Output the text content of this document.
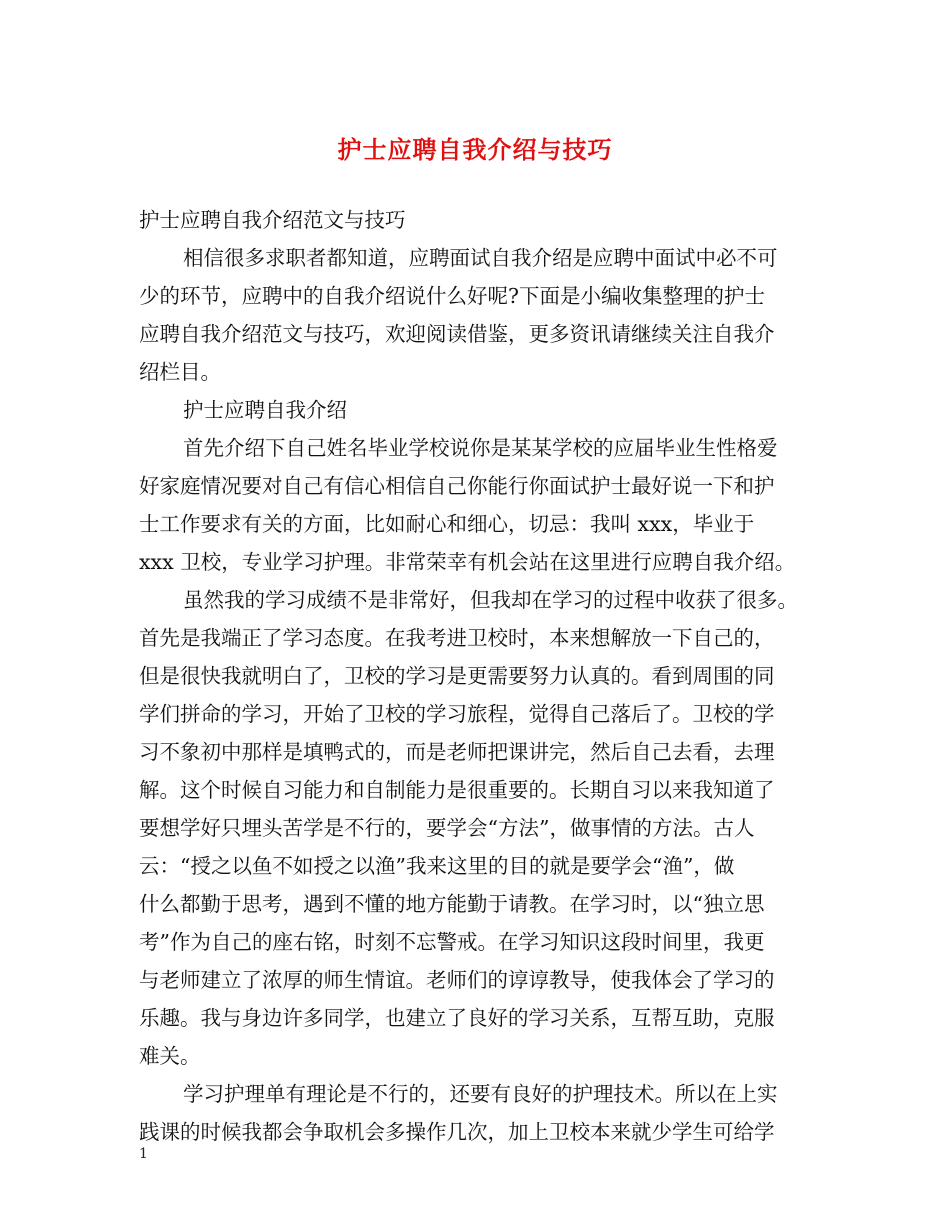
护士应聘自我介绍与技巧
护士应聘自我介绍范文与技巧
相信很多求职者都知道，应聘面试自我介绍是应聘中面试中必不可
少的环节，应聘中的自我介绍说什么好呢?下面是小编收集整理的护士
应聘自我介绍范文与技巧，欢迎阅读借鉴，更多资讯请继续关注自我介
绍栏目。
护士应聘自我介绍
首先介绍下自己姓名毕业学校说你是某某学校的应届毕业生性格爱
好家庭情况要对自己有信心相信自己你能行你面试护士最好说一下和护
士工作要求有关的方面，比如耐心和细心，切忌：我叫 xxx，毕业于
xxx 卫校，专业学习护理。非常荣幸有机会站在这里进行应聘自我介绍。
虽然我的学习成绩不是非常好，但我却在学习的过程中收获了很多。
首先是我端正了学习态度。在我考进卫校时，本来想解放一下自己的，
但是很快我就明白了，卫校的学习是更需要努力认真的。看到周围的同
学们拼命的学习，开始了卫校的学习旅程，觉得自己落后了。卫校的学
习不象初中那样是填鸭式的，而是老师把课讲完，然后自己去看，去理
解。这个时候自习能力和自制能力是很重要的。长期自习以来我知道了
要想学好只埋头苦学是不行的，要学会“方法”，做事情的方法。古人
云：“授之以鱼不如授之以渔”我来这里的目的就是要学会“渔”，做
什么都勤于思考，遇到不懂的地方能勤于请教。在学习时，以“独立思
考”作为自己的座右铭，时刻不忘警戒。在学习知识这段时间里，我更
与老师建立了浓厚的师生情谊。老师们的谆谆教导，使我体会了学习的
乐趣。我与身边许多同学，也建立了良好的学习关系，互帮互助，克服
难关。
学习护理单有理论是不行的，还要有良好的护理技术。所以在上实
践课的时候我都会争取机会多操作几次，加上卫校本来就少学生可给学
1
